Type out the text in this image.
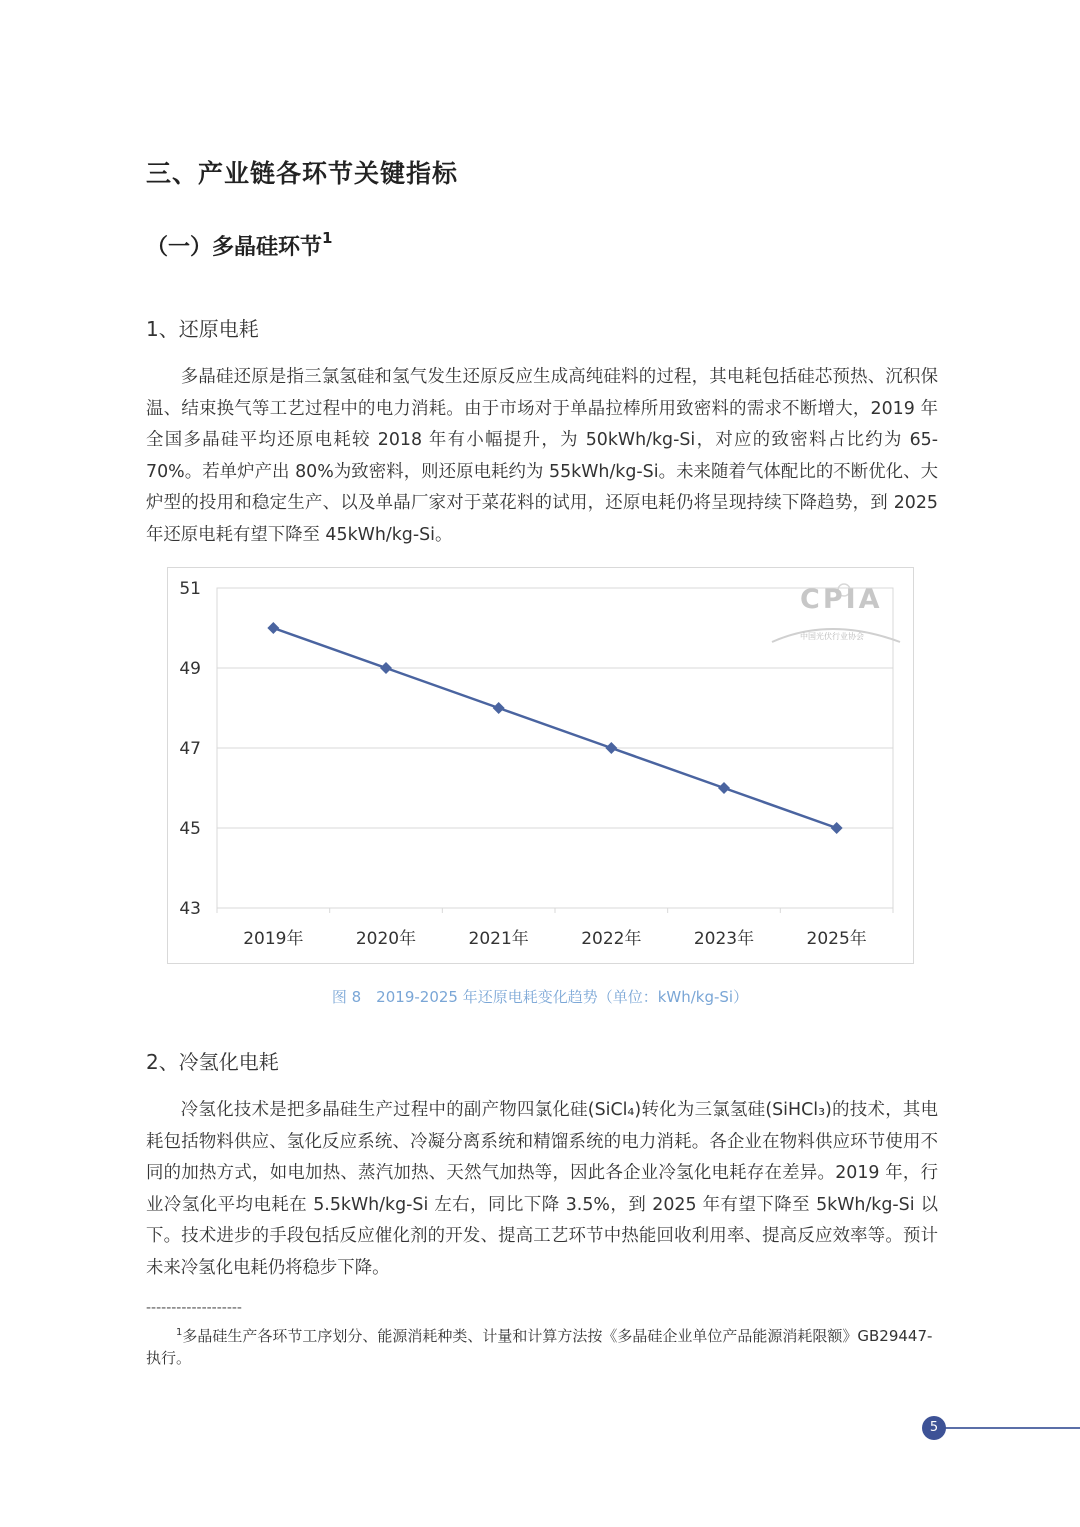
三、产业链各环节关键指标
（一）多晶硅环节$^1$
1、还原电耗

多晶硅还原是指三氯氢硅和氢气发生还原反应生成高纯硅料的过程，其电耗包括硅芯预热、沉积保温、结束换气等工艺过程中的电力消耗。由于市场对于单晶拉棒所用致密料的需求不断增大，2019 年全国多晶硅平均还原电耗较 2018 年有小幅提升，为 50kWh/kg-Si，对应的致密料占比约为 65-70%。若单炉产出 80%为致密料，则还原电耗约为 55kWh/kg-Si。未来随着气体配比的不断优化、大炉型的投用和稳定生产、以及单晶厂家对于菜花料的试用，还原电耗仍将呈现持续下降趋势，到 2025 年还原电耗有望下降至 45kWh/kg-Si。

51
49
47
45
43
2019年	2020年	2021年	2022年	2023年	2025年
CPIA
中国光伏行业协会
图 8　2019-2025 年还原电耗变化趋势（单位：kWh/kg-Si）
2、冷氢化电耗

冷氢化技术是把多晶硅生产过程中的副产物四氯化硅(SiCl₄)转化为三氯氢硅(SiHCl₃)的技术，其电耗包括物料供应、氢化反应系统、冷凝分离系统和精馏系统的电力消耗。各企业在物料供应环节使用不同的加热方式，如电加热、蒸汽加热、天然气加热等，因此各企业冷氢化电耗存在差异。2019 年，行业冷氢化平均电耗在 5.5kWh/kg-Si 左右，同比下降 3.5%，到 2025 年有望下降至 5kWh/kg-Si 以下。技术进步的手段包括反应催化剂的开发、提高工艺环节中热能回收利用率、提高反应效率等。预计未来冷氢化电耗仍将稳步下降。

-------------------

$^1$多晶硅生产各环节工序划分、能源消耗种类、计量和计算方法按《多晶硅企业单位产品能源消耗限额》GB29447- 执行。

5
